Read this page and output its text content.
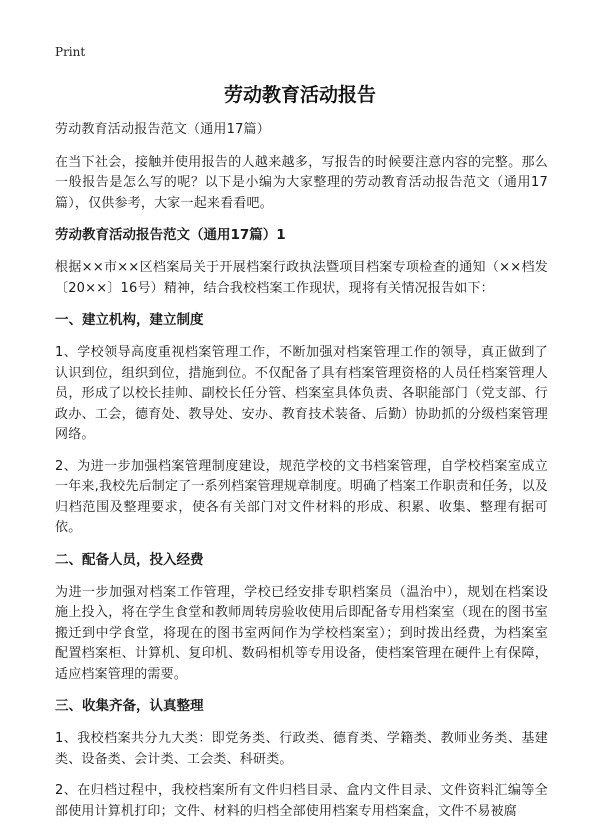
Print
劳动教育活动报告

劳动教育活动报告范文（通用17篇）

在当下社会，接触并使用报告的人越来越多，写报告的时候要注意内容的完整。那么一般报告是怎么写的呢？以下是小编为大家整理的劳动教育活动报告范文（通用17篇），仅供参考，大家一起来看看吧。

劳动教育活动报告范文（通用17篇）1

根据××市××区档案局关于开展档案行政执法暨项目档案专项检查的通知（××档发〔20××〕16号）精神，结合我校档案工作现状，现将有关情况报告如下：

一、建立机构，建立制度

1、学校领导高度重视档案管理工作，不断加强对档案管理工作的领导，真正做到了认识到位，组织到位，措施到位。不仅配备了具有档案管理资格的人员任档案管理人员，形成了以校长挂帅、副校长任分管、档案室具体负责、各职能部门（党支部、行政办、工会，德育处、教导处、安办、教育技术装备、后勤）协助抓的分级档案管理网络。

2、为进一步加强档案管理制度建设，规范学校的文书档案管理，自学校档案室成立一年来,我校先后制定了一系列档案管理规章制度。明确了档案工作职责和任务，以及归档范围及整理要求，使各有关部门对文件材料的形成、积累、收集、整理有据可依。

二、配备人员，投入经费

为进一步加强对档案工作管理，学校已经安排专职档案员（温治中），规划在档案设施上投入，将在学生食堂和教师周转房验收使用后即配备专用档案室（现在的图书室搬迁到中学食堂，将现在的图书室两间作为学校档案室）；到时拨出经费，为档案室配置档案柜、计算机、复印机、数码相机等专用设备，使档案管理在硬件上有保障，适应档案管理的需要。

三、收集齐备，认真整理

1、我校档案共分九大类：即党务类、行政类、德育类、学籍类、教师业务类、基建类、设备类、会计类、工会类、科研类。

2、在归档过程中，我校档案所有文件归档目录、盒内文件目录、文件资料汇编等全部使用计算机打印；文件、材料的归档全部使用档案专用档案盒，文件不易被腐
